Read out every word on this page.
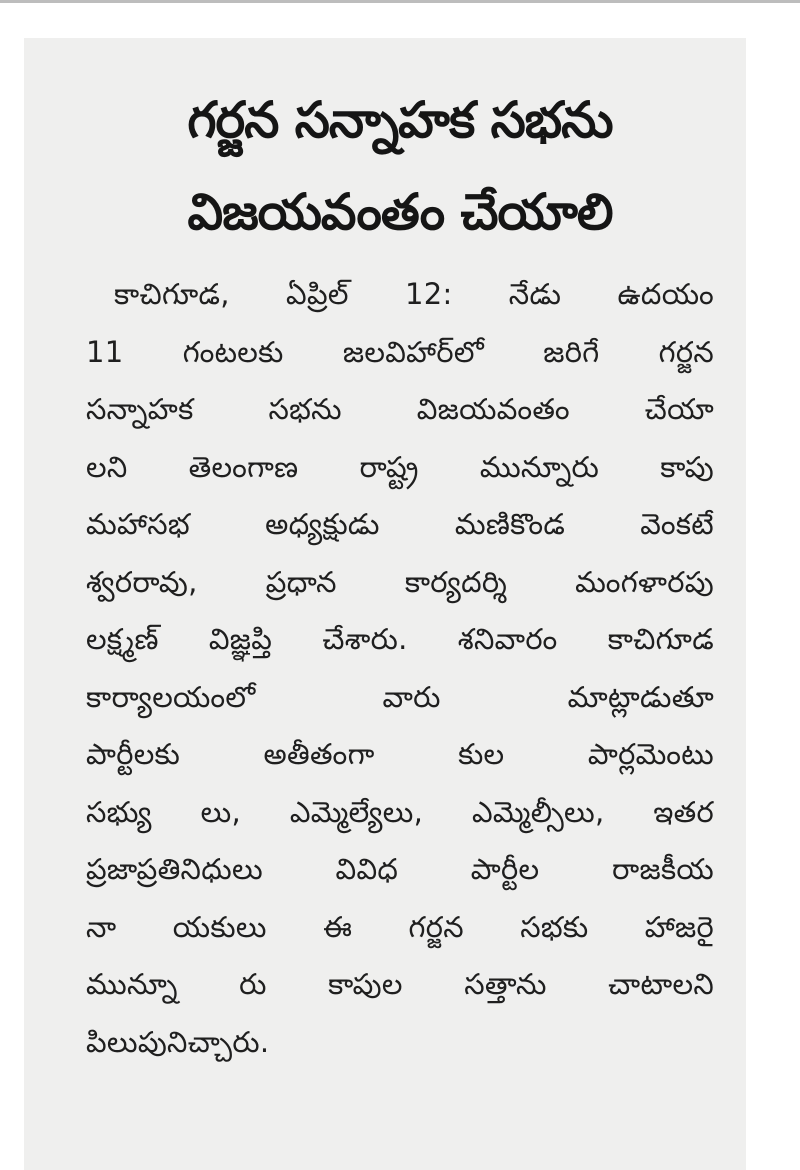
గర్జన సన్నాహక సభను
విజయవంతం చేయాలి
కాచిగూడ, ఏప్రిల్ 12: నేడు ఉదయం
11 గంటలకు జలవిహార్‌లో జరిగే గర్జన
సన్నాహక సభను విజయవంతం చేయా
లని తెలంగాణ రాష్ట్ర మున్నూరు కాపు
మహాసభ అధ్యక్షుడు మణికొండ వెంకటే
శ్వరరావు, ప్రధాన కార్యదర్శి మంగళారపు
లక్ష్మణ్ విజ్ఞప్తి చేశారు. శనివారం కాచిగూడ
కార్యాలయంలో వారు మాట్లాడుతూ
పార్టీలకు అతీతంగా కుల పార్లమెంటు
సభ్యు లు, ఎమ్మెల్యేలు, ఎమ్మెల్సీలు, ఇతర
ప్రజాప్రతినిధులు వివిధ పార్టీల రాజకీయ
నా యకులు ఈ గర్జన సభకు హాజరై
మున్నూ రు కాపుల సత్తాను చాటాలని
పిలుపునిచ్చారు.
